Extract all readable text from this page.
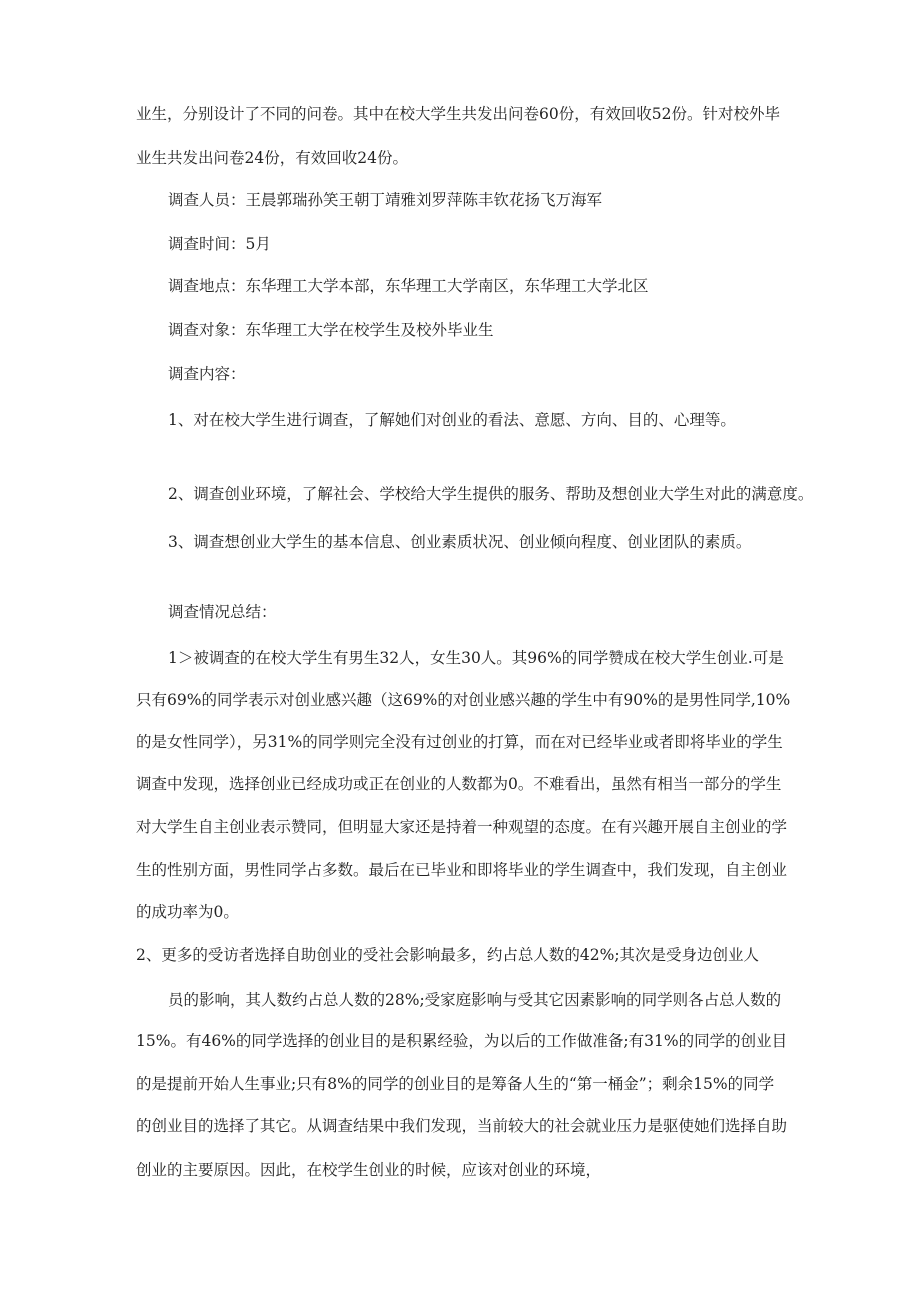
业生，分别设计了不同的问卷。其中在校大学生共发出问卷60份，有效回收52份。针对校外毕
业生共发出问卷24份，有效回收24份。
调查人员：王晨郭瑞孙笑王朝丁靖雅刘罗萍陈丰钦花扬飞万海军
调查时间：5月
调查地点：东华理工大学本部，东华理工大学南区，东华理工大学北区
调查对象：东华理工大学在校学生及校外毕业生
调查内容：
1、对在校大学生进行调查，了解她们对创业的看法、意愿、方向、目的、心理等。
2、调查创业环境，了解社会、学校给大学生提供的服务、帮助及想创业大学生对此的满意度。
3、调查想创业大学生的基本信息、创业素质状况、创业倾向程度、创业团队的素质。
调查情况总结：
1＞被调查的在校大学生有男生32人，女生30人。其96%的同学赞成在校大学生创业.可是
只有69%的同学表示对创业感兴趣（这69%的对创业感兴趣的学生中有90%的是男性同学,10%
的是女性同学），另31%的同学则完全没有过创业的打算，而在对已经毕业或者即将毕业的学生
调查中发现，选择创业已经成功或正在创业的人数都为0。不难看出，虽然有相当一部分的学生
对大学生自主创业表示赞同，但明显大家还是持着一种观望的态度。在有兴趣开展自主创业的学
生的性别方面，男性同学占多数。最后在已毕业和即将毕业的学生调查中，我们发现，自主创业
的成功率为0。
2、更多的受访者选择自助创业的受社会影响最多，约占总人数的42%;其次是受身边创业人
员的影响，其人数约占总人数的28%;受家庭影响与受其它因素影响的同学则各占总人数的
15%。有46%的同学选择的创业目的是积累经验，为以后的工作做准备;有31%的同学的创业目
的是提前开始人生事业;只有8%的同学的创业目的是筹备人生的“第一桶金”；剩余15%的同学
的创业目的选择了其它。从调查结果中我们发现，当前较大的社会就业压力是驱使她们选择自助
创业的主要原因。因此，在校学生创业的时候，应该对创业的环境，
